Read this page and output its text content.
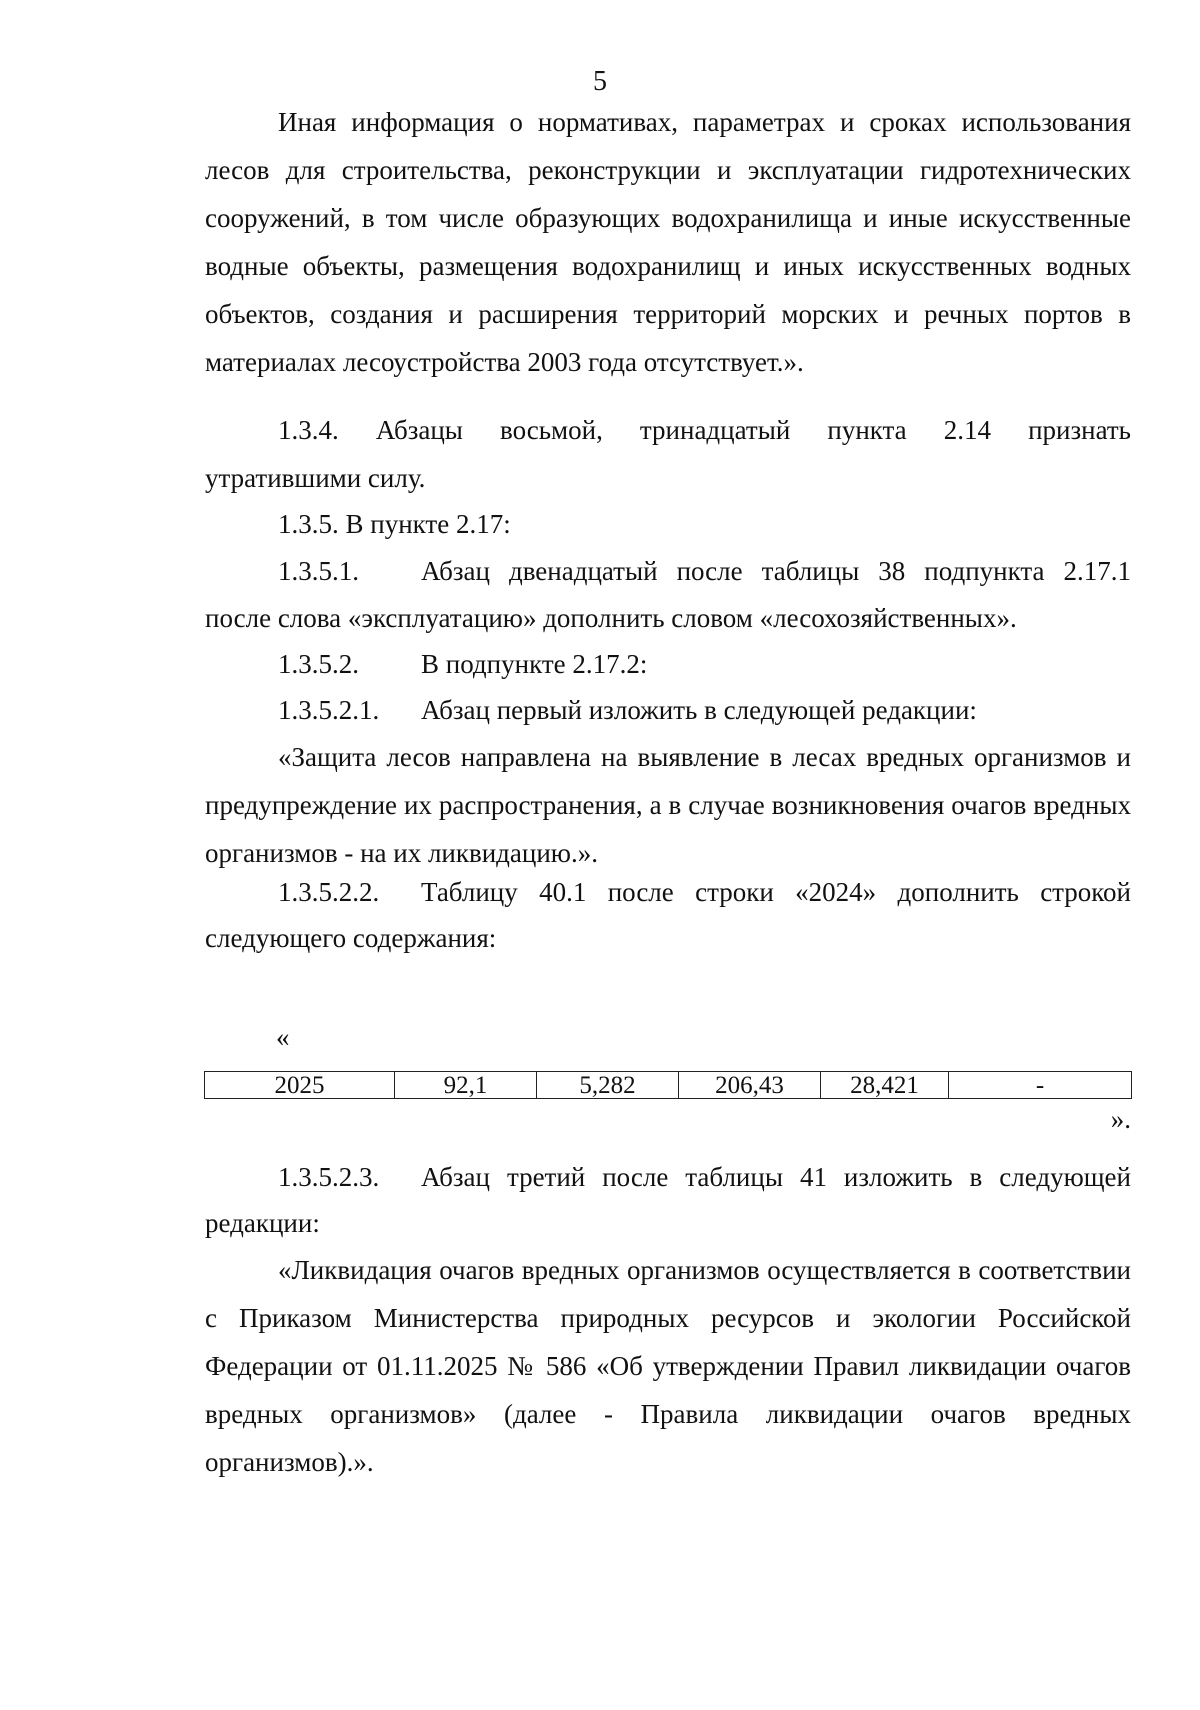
5

Иная информация о нормативах, параметрах и сроках использования лесов для строительства, реконструкции и эксплуатации гидротехнических сооружений, в том числе образующих водохранилища и иные искусственные водные объекты, размещения водохранилищ и иных искусственных водных объектов, создания и расширения территорий морских и речных портов в материалах лесоустройства 2003 года отсутствует.».

1.3.4. Абзацы восьмой, тринадцатый пункта 2.14 признать
утратившими силу.
1.3.5. В пункте 2.17:
1.3.5.1.	Абзац двенадцатый после таблицы 38 подпункта 2.17.1
после слова «эксплуатацию» дополнить словом «лесохозяйственных».
1.3.5.2.	В подпункте 2.17.2:
1.3.5.2.1.	Абзац первый изложить в следующей редакции:

«Защита лесов направлена на выявление в лесах вредных организмов и предупреждение их распространения, а в случае возникновения очагов вредных организмов - на их ликвидацию.».

1.3.5.2.2.	Таблицу 40.1 после строки «2024» дополнить строкой
следующего содержания:
«
2025	92,1	5,282	206,43	28,421	-
».
1.3.5.2.3.	Абзац третий после таблицы 41 изложить в следующей
редакции:

«Ликвидация очагов вредных организмов осуществляется в соответствии с Приказом Министерства природных ресурсов и экологии Российской Федерации от 01.11.2025 № 586 «Об утверждении Правил ликвидации очагов вредных организмов» (далее - Правила ликвидации очагов вредных организмов).».
